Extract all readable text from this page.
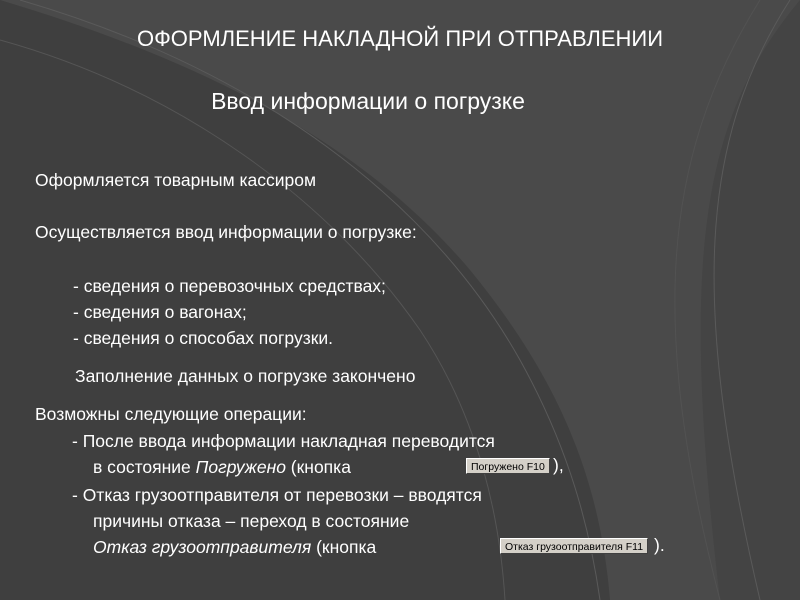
ОФОРМЛЕНИЕ НАКЛАДНОЙ ПРИ ОТПРАВЛЕНИИ
Ввод информации о погрузке
Оформляется товарным кассиром
Осуществляется ввод информации о погрузке:
- сведения о перевозочных средствах;
- сведения о вагонах;
- сведения о способах погрузки.
Заполнение данных о погрузке закончено
Возможны следующие операции:
- После ввода информации накладная переводится
в состояние Погружено (кнопка	Погружено F10 ),
- Отказ грузоотправителя от перевозки – вводятся
причины отказа – переход в состояние
Отказ грузоотправителя (кнопка	Отказ грузоотправителя F11 ).
